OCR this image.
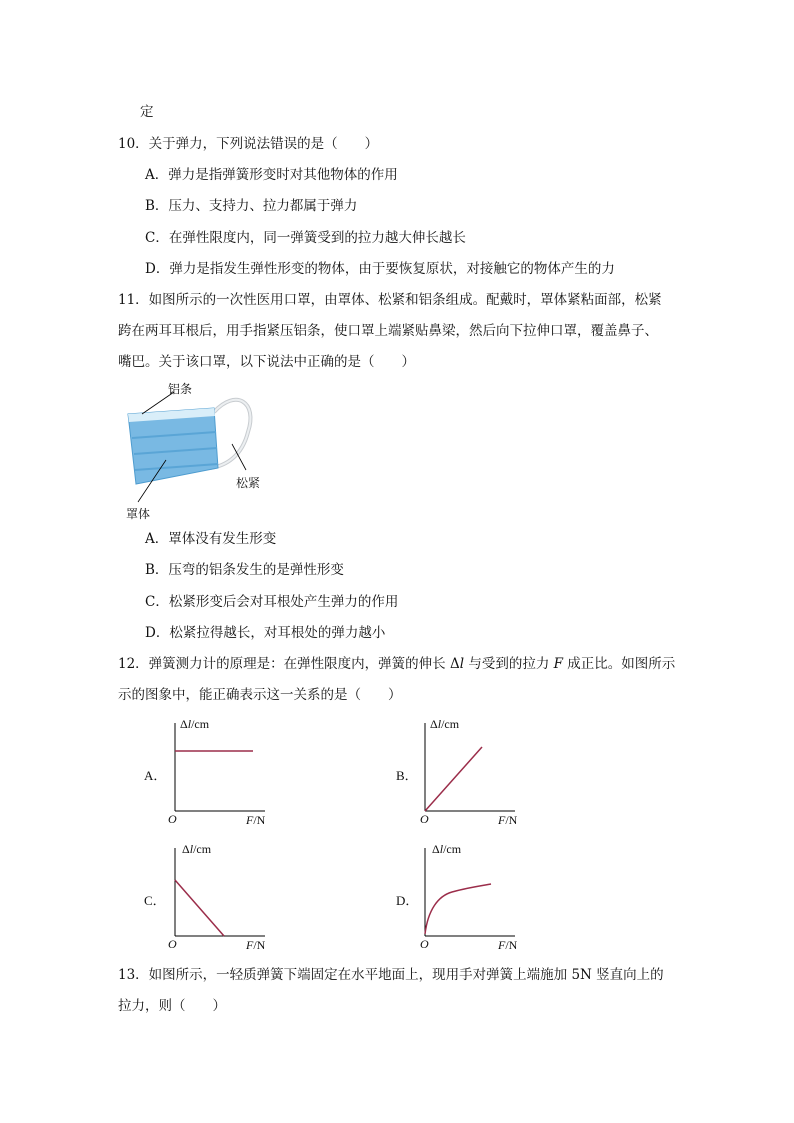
定
10．关于弹力，下列说法错误的是（　　）
A．弹力是指弹簧形变时对其他物体的作用
B．压力、支持力、拉力都属于弹力
C．在弹性限度内，同一弹簧受到的拉力越大伸长越长
D．弹力是指发生弹性形变的物体，由于要恢复原状，对接触它的物体产生的力
11．如图所示的一次性医用口罩，由罩体、松紧和铝条组成。配戴时，罩体紧粘面部，松紧
跨在两耳耳根后，用手指紧压铝条，使口罩上端紧贴鼻梁，然后向下拉伸口罩，覆盖鼻子、
嘴巴。关于该口罩，以下说法中正确的是（　　）
铝条
松紧
罩体
A．罩体没有发生形变
B．压弯的铝条发生的是弹性形变
C．松紧形变后会对耳根处产生弹力的作用
D．松紧拉得越长，对耳根处的弹力越小
12．弹簧测力计的原理是：在弹性限度内，弹簧的伸长 Δl 与受到的拉力 F 成正比。如图所示
示的图象中，能正确表示这一关系的是（　　）
A．
Δl/cm
O	F/N
B．
Δl/cm
O	F/N
C．
Δl/cm
O	F/N
D．
Δl/cm
O	F/N
13．如图所示，一轻质弹簧下端固定在水平地面上，现用手对弹簧上端施加 5N 竖直向上的
拉力，则（　　）
